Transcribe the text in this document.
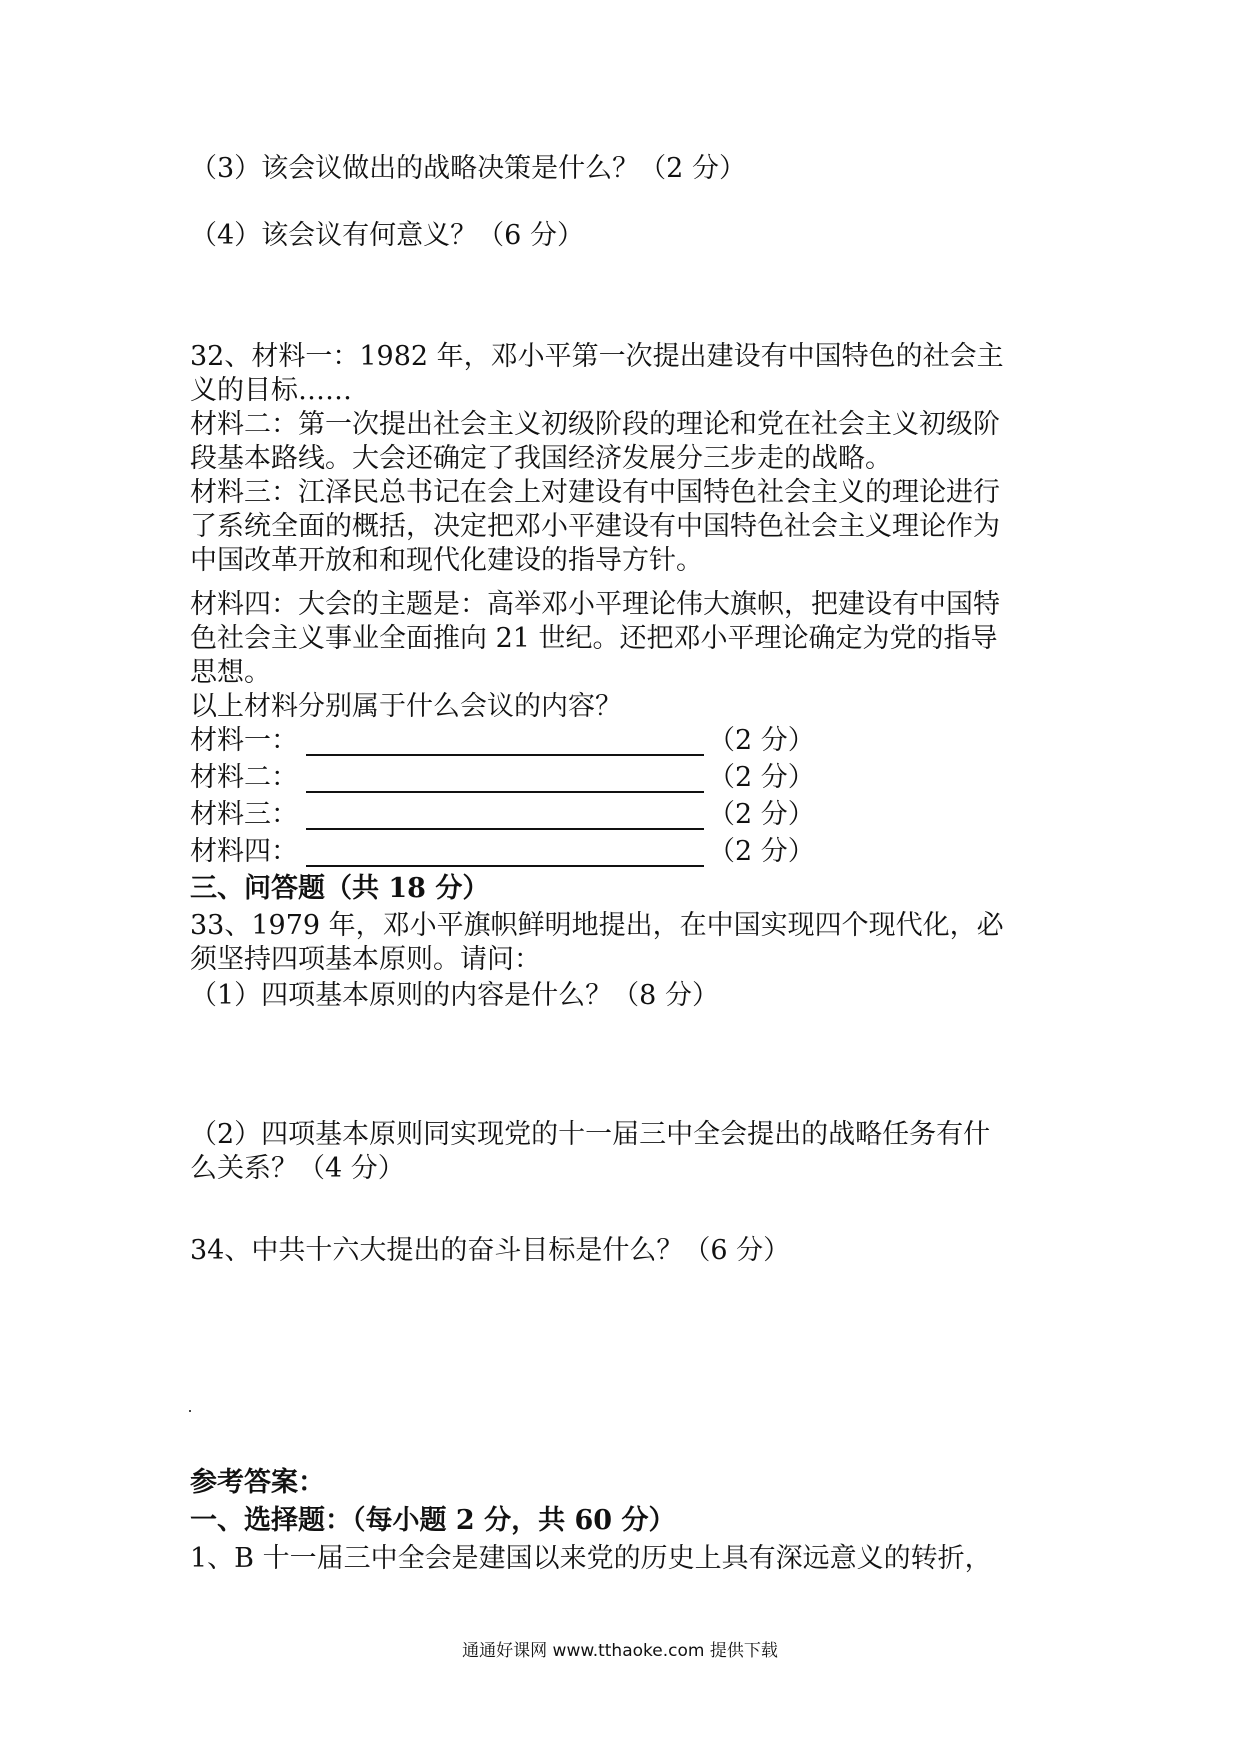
（3）该会议做出的战略决策是什么？（2 分）
（4）该会议有何意义？（6 分）
32、材料一：1982 年，邓小平第一次提出建设有中国特色的社会主
义的目标……
材料二：第一次提出社会主义初级阶段的理论和党在社会主义初级阶
段基本路线。大会还确定了我国经济发展分三步走的战略。
材料三：江泽民总书记在会上对建设有中国特色社会主义的理论进行
了系统全面的概括，决定把邓小平建设有中国特色社会主义理论作为
中国改革开放和和现代化建设的指导方针。
材料四：大会的主题是：高举邓小平理论伟大旗帜，把建设有中国特
色社会主义事业全面推向 21 世纪。还把邓小平理论确定为党的指导
思想。
以上材料分别属于什么会议的内容？
材料一：	（2 分）
材料二：	（2 分）
材料三：	（2 分）
材料四：	（2 分）
三、问答题（共 18 分）
33、1979 年，邓小平旗帜鲜明地提出，在中国实现四个现代化，必
须坚持四项基本原则。请问：
（1）四项基本原则的内容是什么？（8 分）
（2）四项基本原则同实现党的十一届三中全会提出的战略任务有什
么关系？（4 分）
34、中共十六大提出的奋斗目标是什么？（6 分）
参考答案：
一、选择题：（每小题 2 分，共 60 分）
1、B 十一届三中全会是建国以来党的历史上具有深远意义的转折，
通通好课网 www.tthaoke.com 提供下载
